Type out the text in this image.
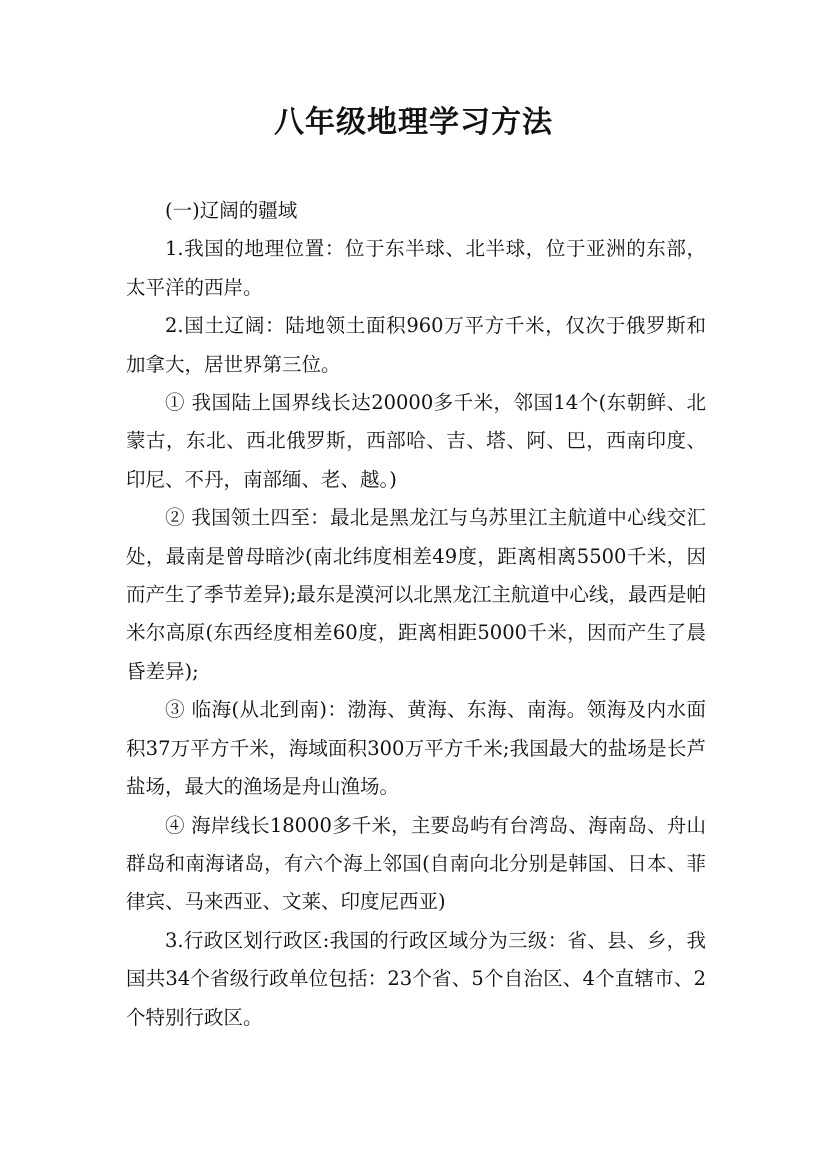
八年级地理学习方法

(一)辽阔的疆域

1.我国的地理位置：位于东半球、北半球，位于亚洲的东部，太平洋的西岸。

2.国土辽阔：陆地领土面积960万平方千米，仅次于俄罗斯和加拿大，居世界第三位。

① 我国陆上国界线长达20000多千米，邻国14个(东朝鲜、北蒙古，东北、西北俄罗斯，西部哈、吉、塔、阿、巴，西南印度、印尼、不丹，南部缅、老、越。)

② 我国领土四至：最北是黑龙江与乌苏里江主航道中心线交汇处，最南是曾母暗沙(南北纬度相差49度，距离相离5500千米，因而产生了季节差异);最东是漠河以北黑龙江主航道中心线，最西是帕米尔高原(东西经度相差60度，距离相距5000千米，因而产生了晨昏差异);

③ 临海(从北到南)：渤海、黄海、东海、南海。领海及内水面积37万平方千米，海域面积300万平方千米;我国最大的盐场是长芦盐场，最大的渔场是舟山渔场。

④ 海岸线长18000多千米，主要岛屿有台湾岛、海南岛、舟山群岛和南海诸岛，有六个海上邻国(自南向北分别是韩国、日本、菲律宾、马来西亚、文莱、印度尼西亚)

3.行政区划行政区:我国的行政区域分为三级：省、县、乡，我国共34个省级行政单位包括：23个省、5个自治区、4个直辖市、2个特别行政区。
